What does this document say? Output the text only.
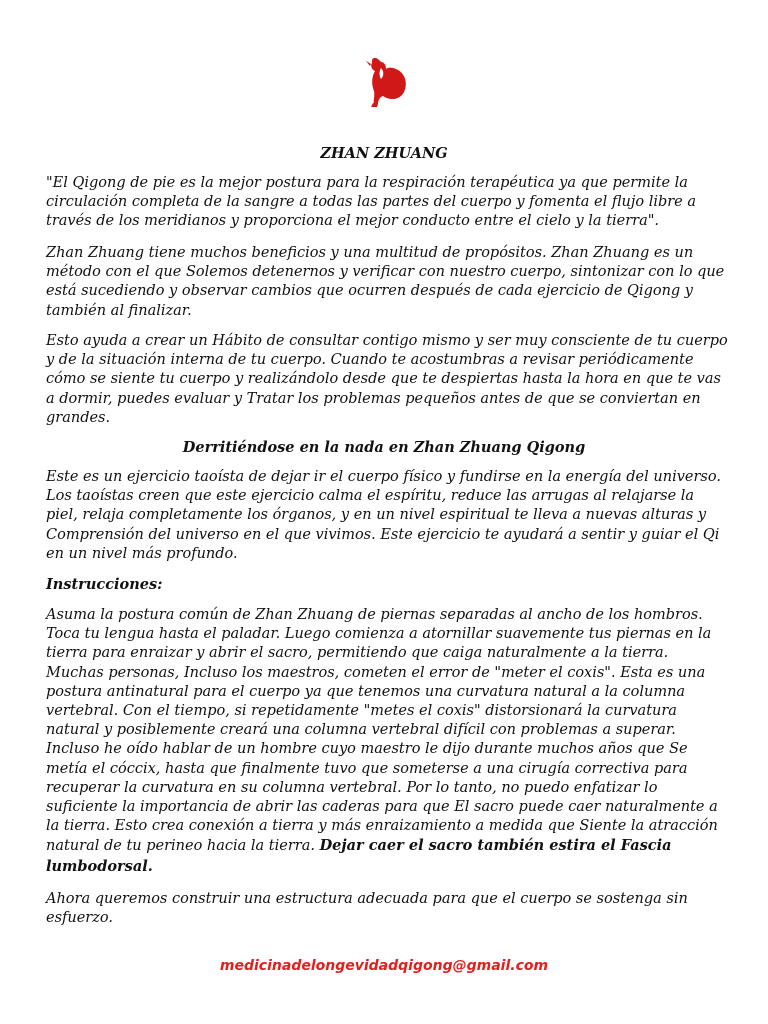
ZHAN ZHUANG

"El Qigong de pie es la mejor postura para la respiración terapéutica ya que permite la circulación completa de la sangre a todas las partes del cuerpo y fomenta el flujo libre a través de los meridianos y proporciona el mejor conducto entre el cielo y la tierra".

Zhan Zhuang tiene muchos beneficios y una multitud de propósitos. Zhan Zhuang es un método con el que Solemos detenernos y verificar con nuestro cuerpo, sintonizar con lo que está sucediendo y observar cambios que ocurren después de cada ejercicio de Qigong y también al finalizar.

Esto ayuda a crear un Hábito de consultar contigo mismo y ser muy consciente de tu cuerpo y de la situación interna de tu cuerpo. Cuando te acostumbras a revisar periódicamente cómo se siente tu cuerpo y realizándolo desde que te despiertas hasta la hora en que te vas a dormir, puedes evaluar y Tratar los problemas pequeños antes de que se conviertan en grandes.

Derritiéndose en la nada en Zhan Zhuang Qigong

Este es un ejercicio taoísta de dejar ir el cuerpo físico y fundirse en la energía del universo. Los taoístas creen que este ejercicio calma el espíritu, reduce las arrugas al relajarse la piel, relaja completamente los órganos, y en un nivel espiritual te lleva a nuevas alturas y Comprensión del universo en el que vivimos. Este ejercicio te ayudará a sentir y guiar el Qi en un nivel más profundo.

Instrucciones:

Asuma la postura común de Zhan Zhuang de piernas separadas al ancho de los hombros. Toca tu lengua hasta el paladar. Luego comienza a atornillar suavemente tus piernas en la tierra para enraizar y abrir el sacro, permitiendo que caiga naturalmente a la tierra. Muchas personas, Incluso los maestros, cometen el error de "meter el coxis". Esta es una postura antinatural para el cuerpo ya que tenemos una curvatura natural a la columna vertebral. Con el tiempo, si repetidamente "metes el coxis" distorsionará la curvatura natural y posiblemente creará una columna vertebral difícil con problemas a superar. Incluso he oído hablar de un hombre cuyo maestro le dijo durante muchos años que Se metía el cóccix, hasta que finalmente tuvo que someterse a una cirugía correctiva para recuperar la curvatura en su columna vertebral. Por lo tanto, no puedo enfatizar lo suficiente la importancia de abrir las caderas para que El sacro puede caer naturalmente a la tierra. Esto crea conexión a tierra y más enraizamiento a medida que Siente la atracción natural de tu perineo hacia la tierra. Dejar caer el sacro también estira el Fascia lumbodorsal.

Ahora queremos construir una estructura adecuada para que el cuerpo se sostenga sin esfuerzo.

medicinadelongevidadqigong@gmail.com
